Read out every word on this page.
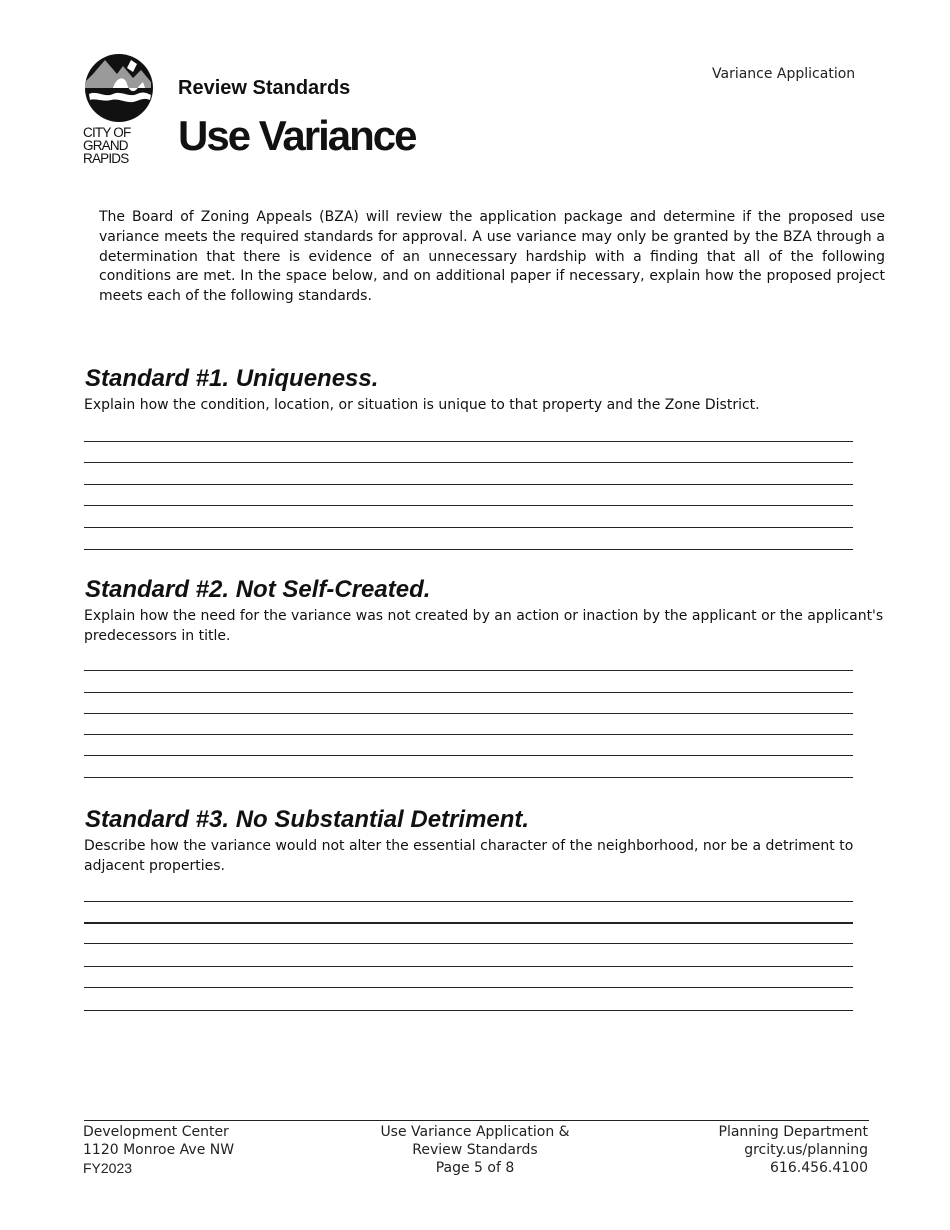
CITY OF
GRAND
RAPIDS
Review Standards
Use Variance
Variance Application

The Board of Zoning Appeals (BZA) will review the application package and determine if the proposed use variance meets the required standards for approval. A use variance may only be granted by the BZA through a determination that there is evidence of an unnecessary hardship with a finding that all of the following conditions are met. In the space below, and on additional paper if necessary, explain how the proposed project meets each of the following standards.

Standard #1. Uniqueness.

Explain how the condition, location, or situation is unique to that property and the Zone District.

Standard #2. Not Self-Created.

Explain how the need for the variance was not created by an action or inaction by the applicant or the applicant's predecessors in title.

Standard #3. No Substantial Detriment.

Describe how the variance would not alter the essential character of the neighborhood, nor be a detriment to adjacent properties.

Development Center
1120 Monroe Ave NW
FY2023
Use Variance Application &
Review Standards
Page 5 of 8
Planning Department
grcity.us/planning
616.456.4100
